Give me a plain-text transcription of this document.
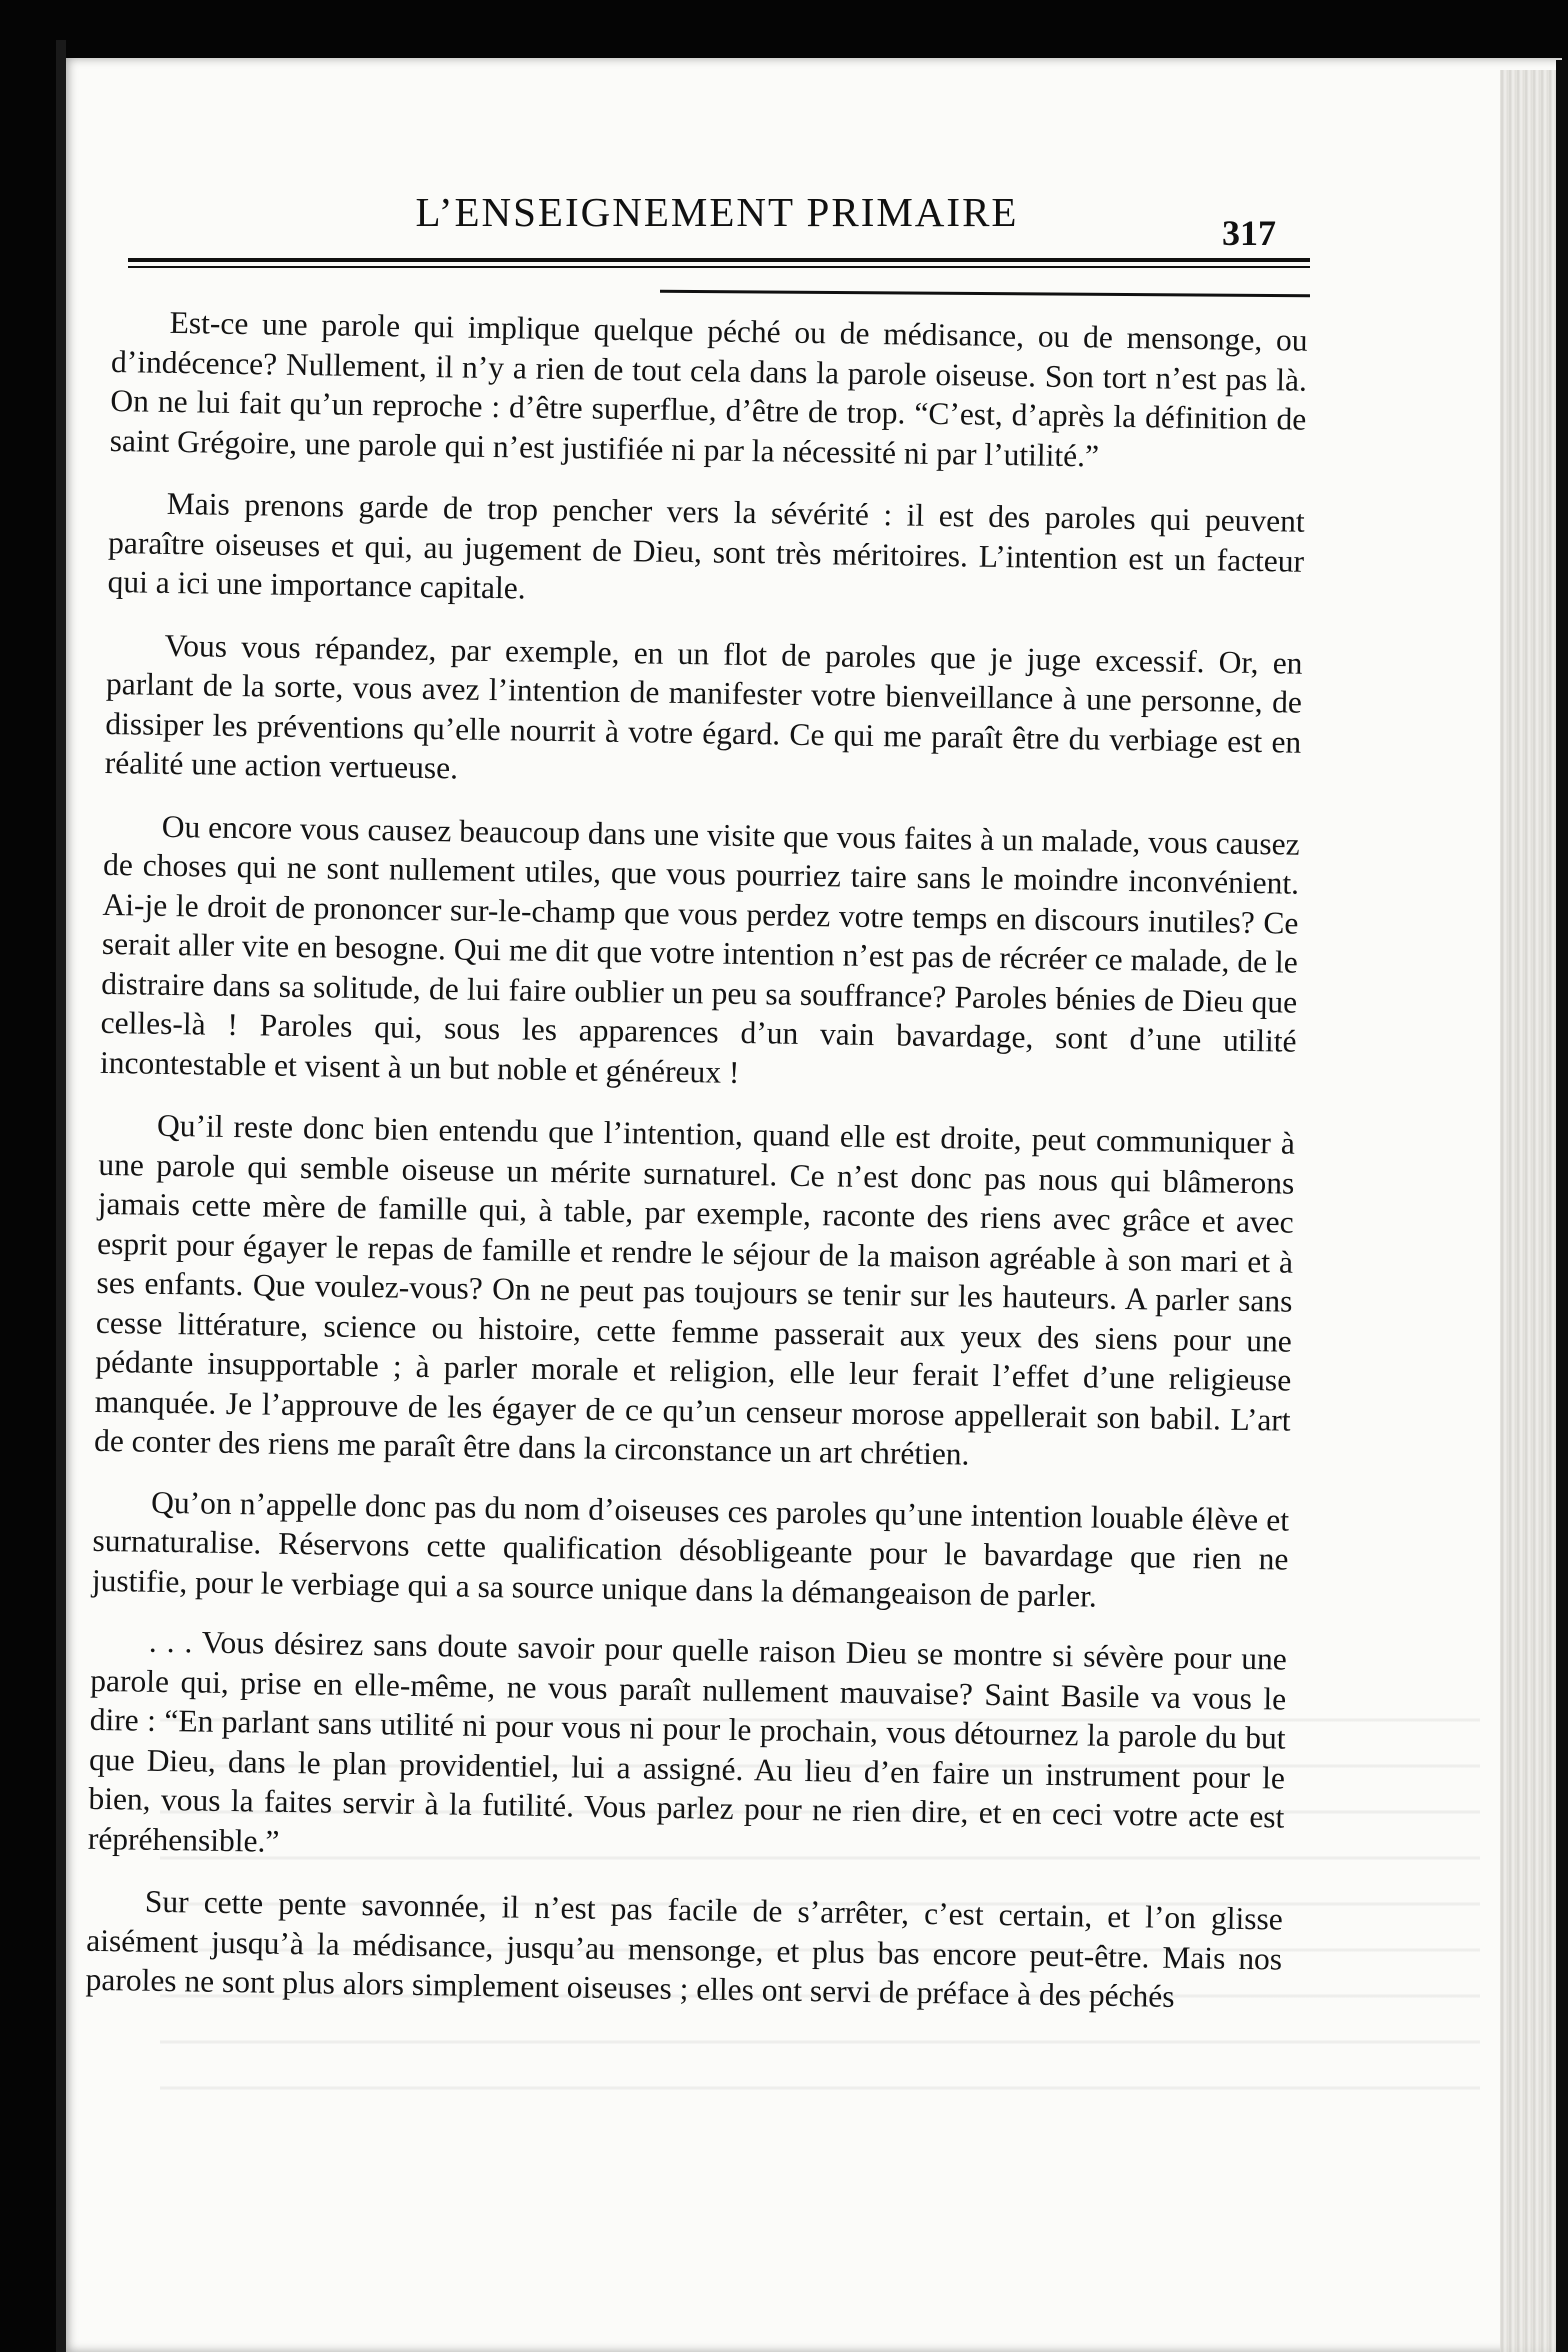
L’ENSEIGNEMENT PRIMAIRE	317

Est-ce une parole qui implique quelque péché ou de médisance, ou de mensonge, ou d’indécence? Nullement, il n’y a rien de tout cela dans la parole oiseuse. Son tort n’est pas là. On ne lui fait qu’un reproche : d’être superflue, d’être de trop. “C’est, d’après la définition de saint Grégoire, une parole qui n’est justifiée ni par la nécessité ni par l’utilité.”

Mais prenons garde de trop pencher vers la sévérité : il est des paroles qui peuvent paraître oiseuses et qui, au jugement de Dieu, sont très méritoires. L’intention est un facteur qui a ici une importance capitale.

Vous vous répandez, par exemple, en un flot de paroles que je juge excessif. Or, en parlant de la sorte, vous avez l’intention de manifester votre bienveillance à une personne, de dissiper les préventions qu’elle nourrit à votre égard. Ce qui me paraît être du verbiage est en réalité une action vertueuse.

Ou encore vous causez beaucoup dans une visite que vous faites à un malade, vous causez de choses qui ne sont nullement utiles, que vous pourriez taire sans le moindre inconvénient. Ai-je le droit de prononcer sur-le-champ que vous perdez votre temps en discours inutiles? Ce serait aller vite en besogne. Qui me dit que votre intention n’est pas de récréer ce malade, de le distraire dans sa solitude, de lui faire oublier un peu sa souffrance? Paroles bénies de Dieu que celles-là ! Paroles qui, sous les apparences d’un vain bavardage, sont d’une utilité incontestable et visent à un but noble et généreux !

Qu’il reste donc bien entendu que l’intention, quand elle est droite, peut communiquer à une parole qui semble oiseuse un mérite surnaturel. Ce n’est donc pas nous qui blâmerons jamais cette mère de famille qui, à table, par exemple, raconte des riens avec grâce et avec esprit pour égayer le repas de famille et rendre le séjour de la maison agréable à son mari et à ses enfants. Que voulez-vous? On ne peut pas toujours se tenir sur les hauteurs. A parler sans cesse littérature, science ou histoire, cette femme passerait aux yeux des siens pour une pédante insupportable ; à parler morale et religion, elle leur ferait l’effet d’une religieuse manquée. Je l’approuve de les égayer de ce qu’un censeur morose appellerait son babil. L’art de conter des riens me paraît être dans la circonstance un art chrétien.

Qu’on n’appelle donc pas du nom d’oiseuses ces paroles qu’une intention louable élève et surnaturalise. Réservons cette qualification désobligeante pour le bavardage que rien ne justifie, pour le verbiage qui a sa source unique dans la démangeaison de parler.

. . . Vous désirez sans doute savoir pour quelle raison Dieu se montre si sévère pour une parole qui, prise en elle-même, ne vous paraît nullement mauvaise? Saint Basile va vous le dire : “En parlant sans utilité ni pour vous ni pour le prochain, vous détournez la parole du but que Dieu, dans le plan providentiel, lui a assigné. Au lieu d’en faire un instrument pour le bien, vous la faites servir à la futilité. Vous parlez pour ne rien dire, et en ceci votre acte est répréhensible.”

Sur cette pente savonnée, il n’est pas facile de s’arrêter, c’est certain, et l’on glisse aisément jusqu’à la médisance, jusqu’au mensonge, et plus bas encore peut-être. Mais nos paroles ne sont plus alors simplement oiseuses ; elles ont servi de préface à des péchés
